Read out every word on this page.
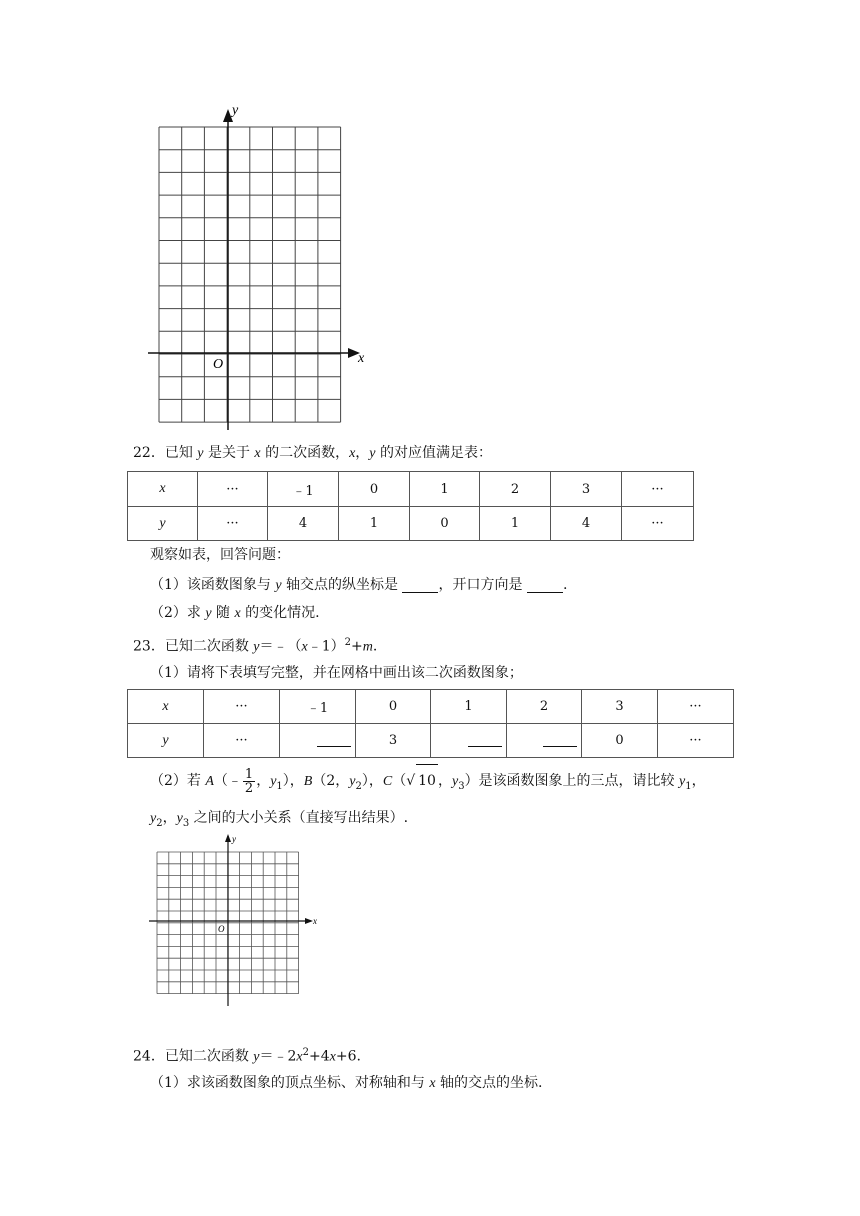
x
y
O
22．已知 y 是关于 x 的二次函数，x，y 的对应值满足表：
x	···	﹣1	0	1	2	3	···
y	···	4	1	0	1	4	···
观察如表，回答问题：
（1）该函数图象与 y 轴交点的纵坐标是	，开口方向是	.
（2）求 y 随 x 的变化情况.
23．已知二次函数 y＝﹣（x﹣1）$^2$+m.
（1）请将下表填写完整，并在网格中画出该二次函数图象；
x	···	﹣1	0	1	2	3	···
y	···		3			0	···
（2）若 A（﹣ $\frac{1}{2}$ ，$y_1$），B（2，$y_2$），C（√ 10 ，$y_3$）是该函数图象上的三点，请比较 $y_1$，
$y_2$，$y_3$ 之间的大小关系（直接写出结果）.
x
y
O
24．已知二次函数 $y=﹣2x^2+4x+6$.
（1）求该函数图象的顶点坐标、对称轴和与 x 轴的交点的坐标.
